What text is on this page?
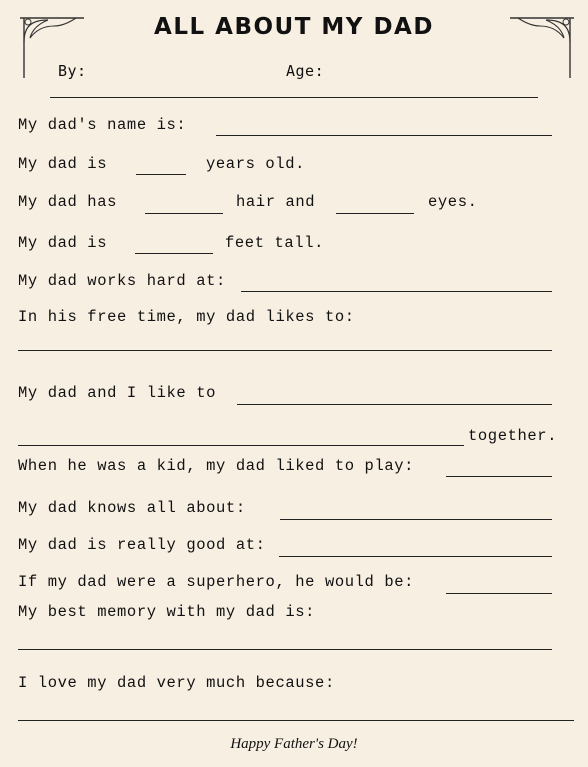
ALL ABOUT MY DAD
By:	Age:
My dad's name is:
My dad is	years old.
My dad has	hair and	eyes.
My dad is	feet tall.
My dad works hard at:
In his free time, my dad likes to:
My dad and I like to
together.
When he was a kid, my dad liked to play:
My dad knows all about:
My dad is really good at:
If my dad were a superhero, he would be:
My best memory with my dad is:
I love my dad very much because:
Happy Father's Day!
